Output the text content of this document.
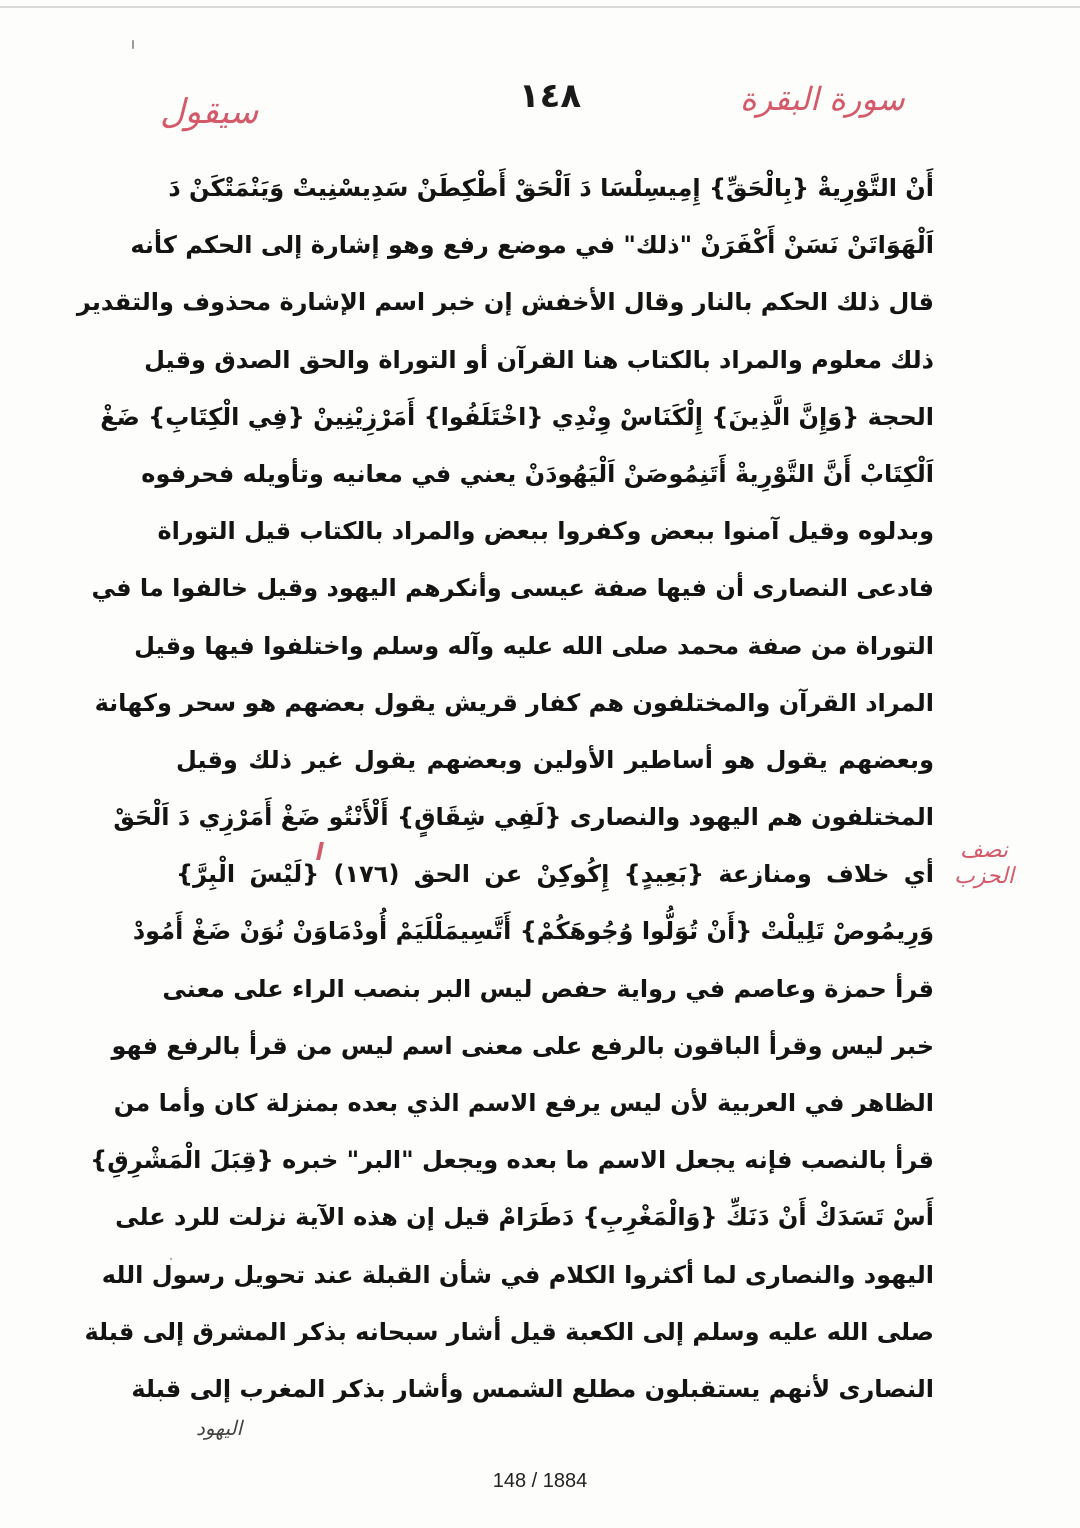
سيقول	١٤٨	سورة البقرة
أَنْ التَّوْرِيةْ {بِالْحَقِّ} إِمِيسِلْسَا دَ اَلْحَقْ أَطْكِطَنْ سَدِيسْنِيتْ وَيَنْمَتْكَنْ دَ
اَلْهَوَاتَنْ نَسَنْ أَكْفَرَنْ "ذلك" في موضع رفع وهو إشارة إلى الحكم كأنه
قال ذلك الحكم بالنار وقال الأخفش إن خبر اسم الإشارة محذوف والتقدير
ذلك معلوم والمراد بالكتاب هنا القرآن أو التوراة والحق الصدق وقيل
الحجة {وَإِنَّ الَّذِينَ} إِلْكَنَاسْ وِنْدِي {اخْتَلَفُوا} أَمَرْزِيْنِينْ {فِي الْكِتَابِ} ضَغْ
اَلْكِتَابْ أَنَّ التَّوْرِيةْ أَتَنِمُوصَنْ اَلْيَهُودَنْ يعني في معانيه وتأويله فحرفوه
وبدلوه وقيل آمنوا ببعض وكفروا ببعض والمراد بالكتاب قيل التوراة
فادعى النصارى أن فيها صفة عيسى وأنكرهم اليهود وقيل خالفوا ما في
التوراة من صفة محمد صلى الله عليه وآله وسلم واختلفوا فيها وقيل
المراد القرآن والمختلفون هم كفار قريش يقول بعضهم هو سحر وكهانة
وبعضهم يقول هو أساطير الأولين وبعضهم يقول غير ذلك وقيل
المختلفون هم اليهود والنصارى {لَفِي شِقَاقٍ} أَلْأَنْتُو ضَغْ أَمَرْزِي دَ اَلْحَقْ
أي خلاف ومنازعة {بَعِيدٍ} إِكُوكِنْ عن الحق (١٧٦) {لَيْسَ الْبِرَّ}
وَرِيمُوصْ تَلِيلْتْ {أَنْ تُوَلُّوا وُجُوهَكُمْ} أَتَّسِيمَلْلَيَمْ أُودْمَاوَنْ نُوَنْ ضَغْ أَمُودْ
قرأ حمزة وعاصم في رواية حفص ليس البر بنصب الراء على معنى
خبر ليس وقرأ الباقون بالرفع على معنى اسم ليس من قرأ بالرفع فهو
الظاهر في العربية لأن ليس يرفع الاسم الذي بعده بمنزلة كان وأما من
قرأ بالنصب فإنه يجعل الاسم ما بعده ويجعل "البر" خبره {قِبَلَ الْمَشْرِقِ}
أَسْ تَسَدَكْ أَنْ دَنَكِّ {وَالْمَغْرِبِ} دَطَرَامْ قيل إن هذه الآية نزلت للرد على
اليهود والنصارى لما أكثروا الكلام في شأن القبلة عند تحويل رسول الله
صلى الله عليه وسلم إلى الكعبة قيل أشار سبحانه بذكر المشرق إلى قبلة
النصارى لأنهم يستقبلون مطلع الشمس وأشار بذكر المغرب إلى قبلة
نصف الحزب
اليهود
148 / 1884
